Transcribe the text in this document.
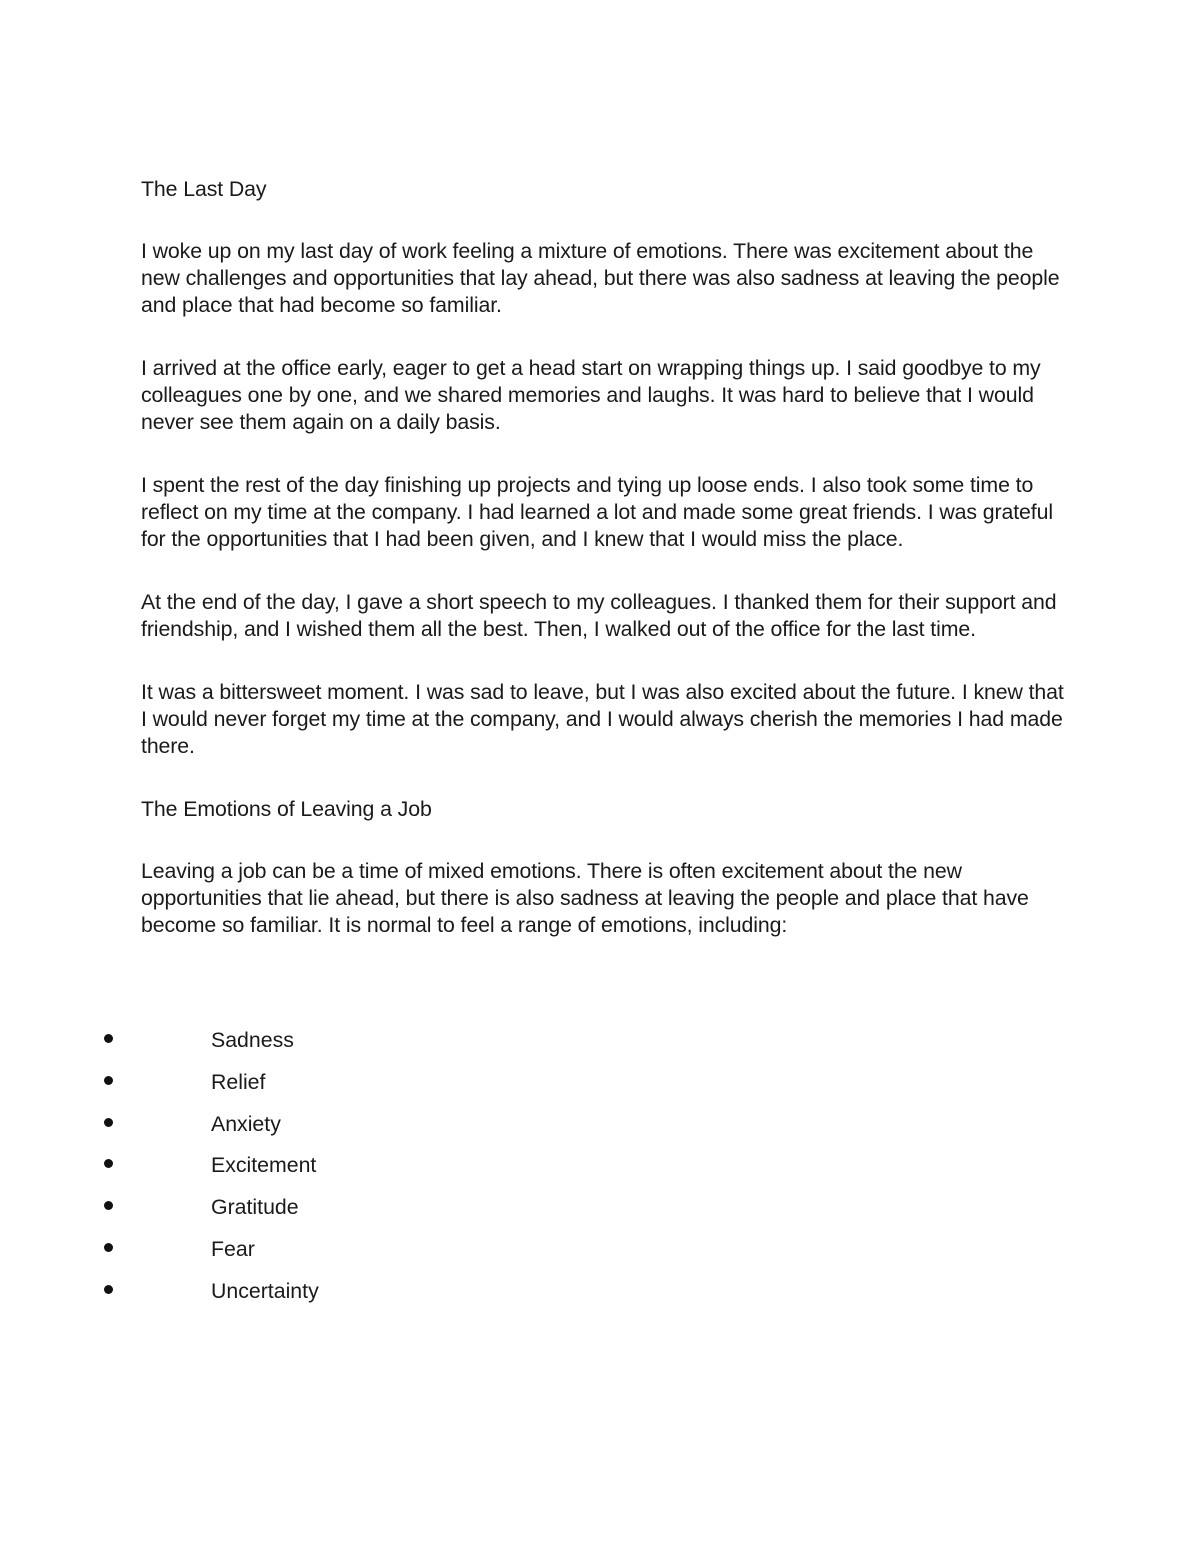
The Last Day

I woke up on my last day of work feeling a mixture of emotions. There was excitement about the new challenges and opportunities that lay ahead, but there was also sadness at leaving the people and place that had become so familiar.

I arrived at the office early, eager to get a head start on wrapping things up. I said goodbye to my colleagues one by one, and we shared memories and laughs. It was hard to believe that I would never see them again on a daily basis.

I spent the rest of the day finishing up projects and tying up loose ends. I also took some time to reflect on my time at the company. I had learned a lot and made some great friends. I was grateful for the opportunities that I had been given, and I knew that I would miss the place.

At the end of the day, I gave a short speech to my colleagues. I thanked them for their support and friendship, and I wished them all the best. Then, I walked out of the office for the last time.

It was a bittersweet moment. I was sad to leave, but I was also excited about the future. I knew that I would never forget my time at the company, and I would always cherish the memories I had made there.

The Emotions of Leaving a Job

Leaving a job can be a time of mixed emotions. There is often excitement about the new opportunities that lie ahead, but there is also sadness at leaving the people and place that have become so familiar. It is normal to feel a range of emotions, including:

Sadness
Relief
Anxiety
Excitement
Gratitude
Fear
Uncertainty
